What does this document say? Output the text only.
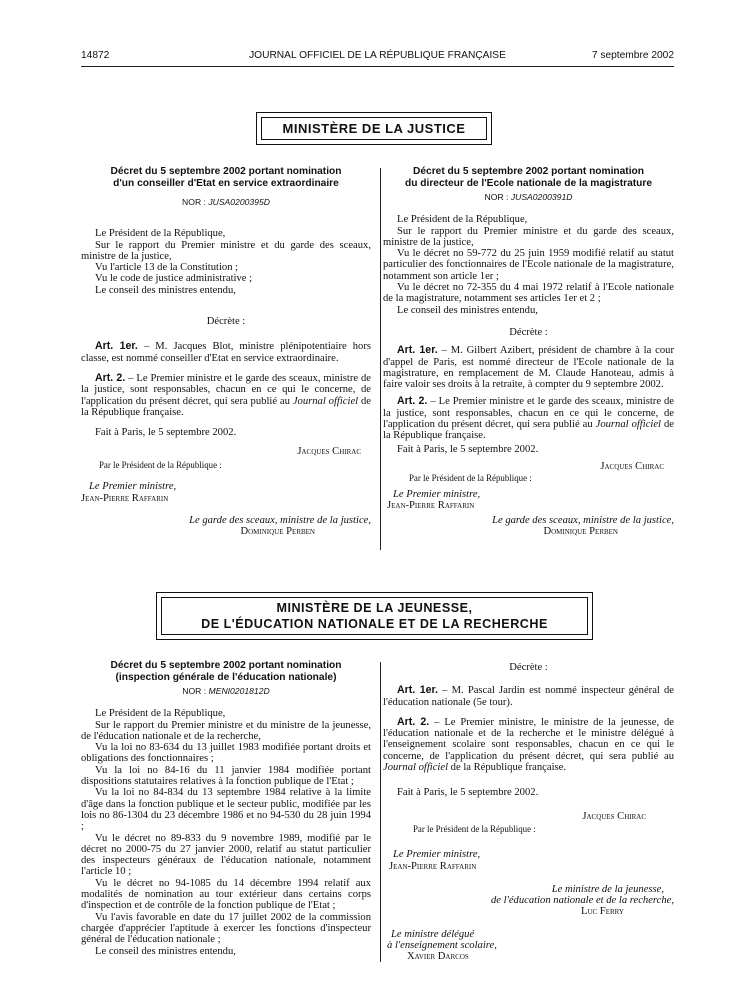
14872	JOURNAL OFFICIEL DE LA RÉPUBLIQUE FRANÇAISE	7 septembre 2002
MINISTÈRE DE LA JUSTICE
Décret du 5 septembre 2002 portant nomination
d'un conseiller d'Etat en service extraordinaire
NOR : JUSA0200395D

Le Président de la République,

Sur le rapport du Premier ministre et du garde des sceaux, ministre de la justice,

Vu l'article 13 de la Constitution ;

Vu le code de justice administrative ;

Le conseil des ministres entendu,

Décrète :

Art. 1er. – M. Jacques Blot, ministre plénipotentiaire hors classe, est nommé conseiller d'Etat en service extraordinaire.

Art. 2. – Le Premier ministre et le garde des sceaux, ministre de la justice, sont responsables, chacun en ce qui le concerne, de l'application du présent décret, qui sera publié au Journal officiel de la République française.

Fait à Paris, le 5 septembre 2002.

Jacques Chirac

Par le Président de la République :

Le Premier ministre,

Jean-Pierre Raffarin

Le garde des sceaux, ministre de la justice,

Dominique Perben

Décret du 5 septembre 2002 portant nomination
du directeur de l'Ecole nationale de la magistrature
NOR : JUSA0200391D

Le Président de la République,

Sur le rapport du Premier ministre et du garde des sceaux, ministre de la justice,

Vu le décret no 59-772 du 25 juin 1959 modifié relatif au statut particulier des fonctionnaires de l'Ecole nationale de la magistrature, notamment son article 1er ;

Vu le décret no 72-355 du 4 mai 1972 relatif à l'Ecole nationale de la magistrature, notamment ses articles 1er et 2 ;

Le conseil des ministres entendu,

Décrète :

Art. 1er. – M. Gilbert Azibert, président de chambre à la cour d'appel de Paris, est nommé directeur de l'Ecole nationale de la magistrature, en remplacement de M. Claude Hanoteau, admis à faire valoir ses droits à la retraite, à compter du 9 septembre 2002.

Art. 2. – Le Premier ministre et le garde des sceaux, ministre de la justice, sont responsables, chacun en ce qui le concerne, de l'application du présent décret, qui sera publié au Journal officiel de la République française.

Fait à Paris, le 5 septembre 2002.

Jacques Chirac

Par le Président de la République :

Le Premier ministre,

Jean-Pierre Raffarin

Le garde des sceaux, ministre de la justice,

Dominique Perben

MINISTÈRE DE LA JEUNESSE,
DE L'ÉDUCATION NATIONALE ET DE LA RECHERCHE
Décret du 5 septembre 2002 portant nomination
(inspection générale de l'éducation nationale)
NOR : MENI0201812D

Le Président de la République,

Sur le rapport du Premier ministre et du ministre de la jeunesse, de l'éducation nationale et de la recherche,

Vu la loi no 83-634 du 13 juillet 1983 modifiée portant droits et obligations des fonctionnaires ;

Vu la loi no 84-16 du 11 janvier 1984 modifiée portant dispositions statutaires relatives à la fonction publique de l'Etat ;

Vu la loi no 84-834 du 13 septembre 1984 relative à la limite d'âge dans la fonction publique et le secteur public, modifiée par les lois no 86-1304 du 23 décembre 1986 et no 94-530 du 28 juin 1994 ;

Vu le décret no 89-833 du 9 novembre 1989, modifié par le décret no 2000-75 du 27 janvier 2000, relatif au statut particulier des inspecteurs généraux de l'éducation nationale, notamment l'article 10 ;

Vu le décret no 94-1085 du 14 décembre 1994 relatif aux modalités de nomination au tour extérieur dans certains corps d'inspection et de contrôle de la fonction publique de l'Etat ;

Vu l'avis favorable en date du 17 juillet 2002 de la commission chargée d'apprécier l'aptitude à exercer les fonctions d'inspecteur général de l'éducation nationale ;

Le conseil des ministres entendu,

Décrète :

Art. 1er. – M. Pascal Jardin est nommé inspecteur général de l'éducation nationale (5e tour).

Art. 2. – Le Premier ministre, le ministre de la jeunesse, de l'éducation nationale et de la recherche et le ministre délégué à l'enseignement scolaire sont responsables, chacun en ce qui le concerne, de l'application du présent décret, qui sera publié au Journal officiel de la République française.

Fait à Paris, le 5 septembre 2002.

Jacques Chirac

Par le Président de la République :

Le Premier ministre,

Jean-Pierre Raffarin

Le ministre de la jeunesse,

de l'éducation nationale et de la recherche,

Luc Ferry

Le ministre délégué

à l'enseignement scolaire,

Xavier Darcos
